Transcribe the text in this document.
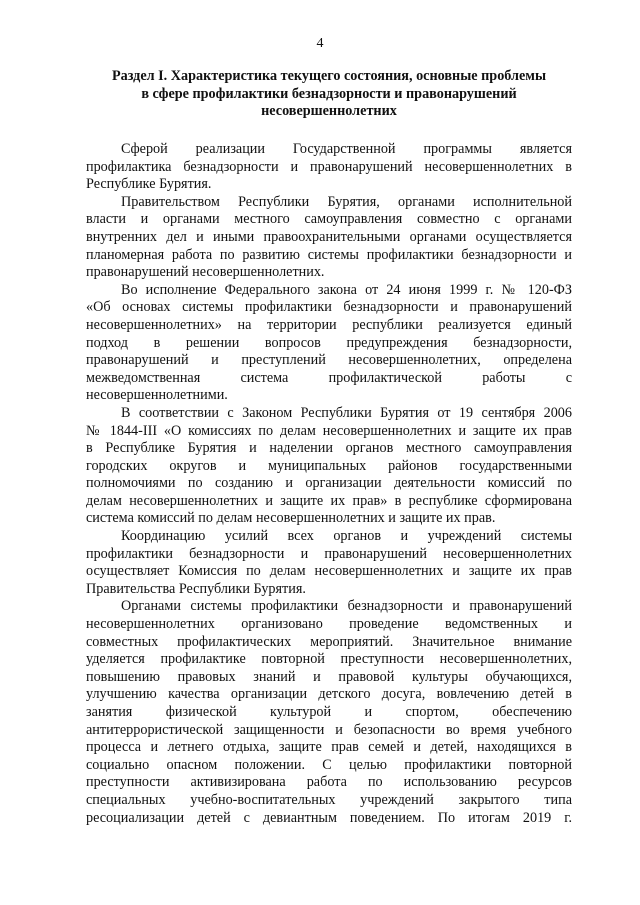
4
Раздел I. Характеристика текущего состояния, основные проблемы
в сфере профилактики безнадзорности и правонарушений
несовершеннолетних
Сферой реализации Государственной программы является
профилактика безнадзорности и правонарушений несовершеннолетних в
Республике Бурятия.
Правительством Республики Бурятия, органами исполнительной
власти и органами местного самоуправления совместно с органами
внутренних дел и иными правоохранительными органами осуществляется
планомерная работа по развитию системы профилактики безнадзорности и
правонарушений несовершеннолетних.
Во исполнение Федерального закона от 24 июня 1999 г. № 120-ФЗ
«Об основах системы профилактики безнадзорности и правонарушений
несовершеннолетних» на территории республики реализуется единый
подход в решении вопросов предупреждения безнадзорности,
правонарушений и преступлений несовершеннолетних, определена
межведомственная система профилактической работы с
несовершеннолетними.
В соответствии с Законом Республики Бурятия от 19 сентября 2006
№ 1844-III «О комиссиях по делам несовершеннолетних и защите их прав
в Республике Бурятия и наделении органов местного самоуправления
городских округов и муниципальных районов государственными
полномочиями по созданию и организации деятельности комиссий по
делам несовершеннолетних и защите их прав» в республике сформирована
система комиссий по делам несовершеннолетних и защите их прав.
Координацию усилий всех органов и учреждений системы
профилактики безнадзорности и правонарушений несовершеннолетних
осуществляет Комиссия по делам несовершеннолетних и защите их прав
Правительства Республики Бурятия.
Органами системы профилактики безнадзорности и правонарушений
несовершеннолетних организовано проведение ведомственных и
совместных профилактических мероприятий. Значительное внимание
уделяется профилактике повторной преступности несовершеннолетних,
повышению правовых знаний и правовой культуры обучающихся,
улучшению качества организации детского досуга, вовлечению детей в
занятия физической культурой и спортом, обеспечению
антитеррористической защищенности и безопасности во время учебного
процесса и летнего отдыха, защите прав семей и детей, находящихся в
социально опасном положении. С целью профилактики повторной
преступности активизирована работа по использованию ресурсов
специальных учебно-воспитательных учреждений закрытого типа
ресоциализации детей с девиантным поведением. По итогам 2019 г.
